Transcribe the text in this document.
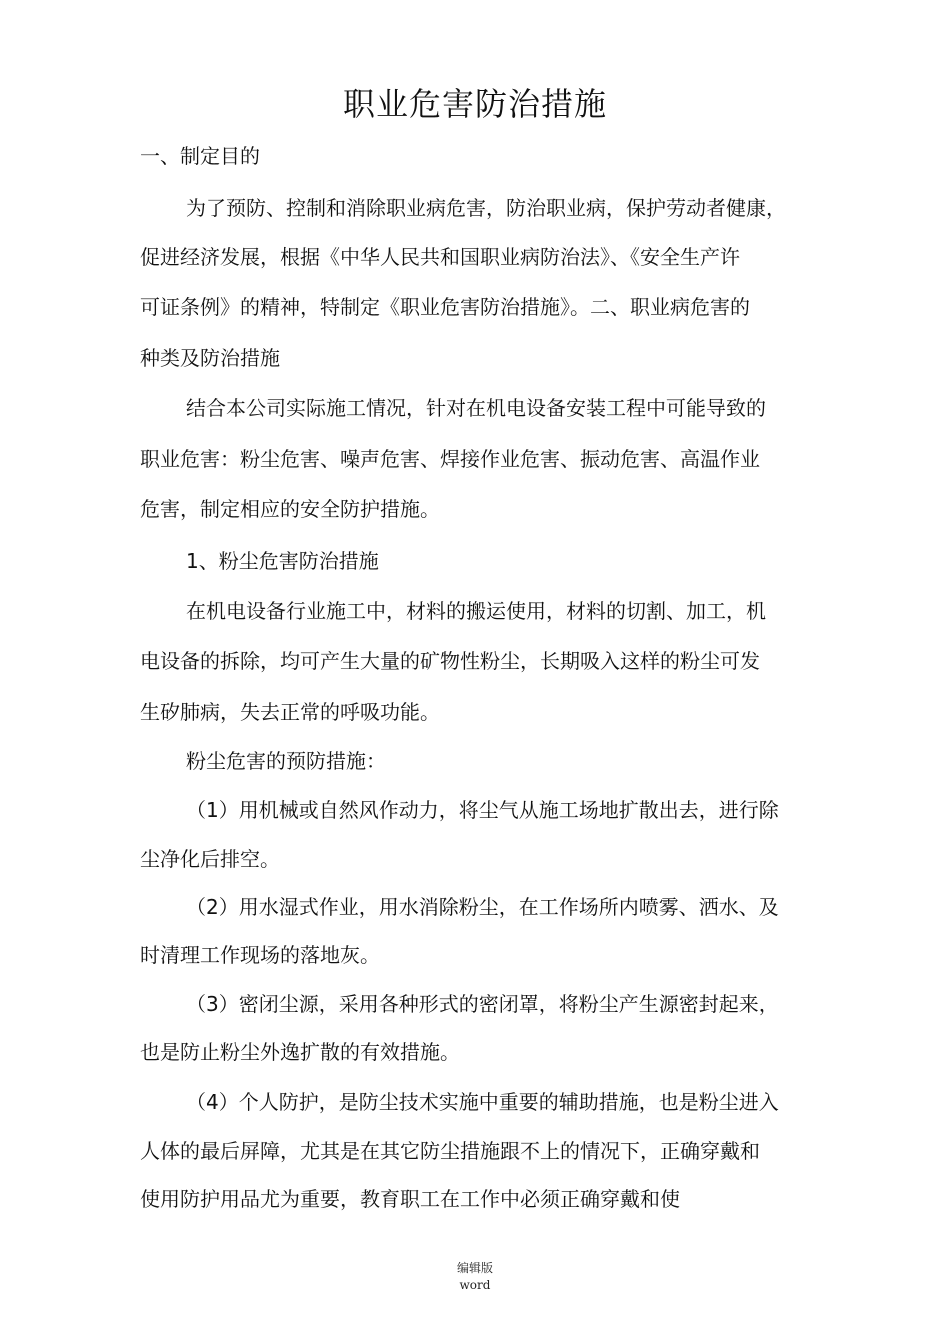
职业危害防治措施

一、制定目的

为了预防、控制和消除职业病危害，防治职业病，保护劳动者健康，

促进经济发展，根据《中华人民共和国职业病防治法》、《安全生产许

可证条例》的精神，特制定《职业危害防治措施》。二、职业病危害的

种类及防治措施

结合本公司实际施工情况，针对在机电设备安装工程中可能导致的

职业危害：粉尘危害、噪声危害、焊接作业危害、振动危害、高温作业

危害，制定相应的安全防护措施。

1、粉尘危害防治措施

在机电设备行业施工中，材料的搬运使用，材料的切割、加工，机

电设备的拆除，均可产生大量的矿物性粉尘，长期吸入这样的粉尘可发

生矽肺病，失去正常的呼吸功能。

粉尘危害的预防措施：

（1）用机械或自然风作动力，将尘气从施工场地扩散出去，进行除

尘净化后排空。

（2）用水湿式作业，用水消除粉尘，在工作场所内喷雾、洒水、及

时清理工作现场的落地灰。

（3）密闭尘源，采用各种形式的密闭罩，将粉尘产生源密封起来，

也是防止粉尘外逸扩散的有效措施。

（4）个人防护，是防尘技术实施中重要的辅助措施，也是粉尘进入

人体的最后屏障，尤其是在其它防尘措施跟不上的情况下，正确穿戴和

使用防护用品尤为重要，教育职工在工作中必须正确穿戴和使

编辑版
word
